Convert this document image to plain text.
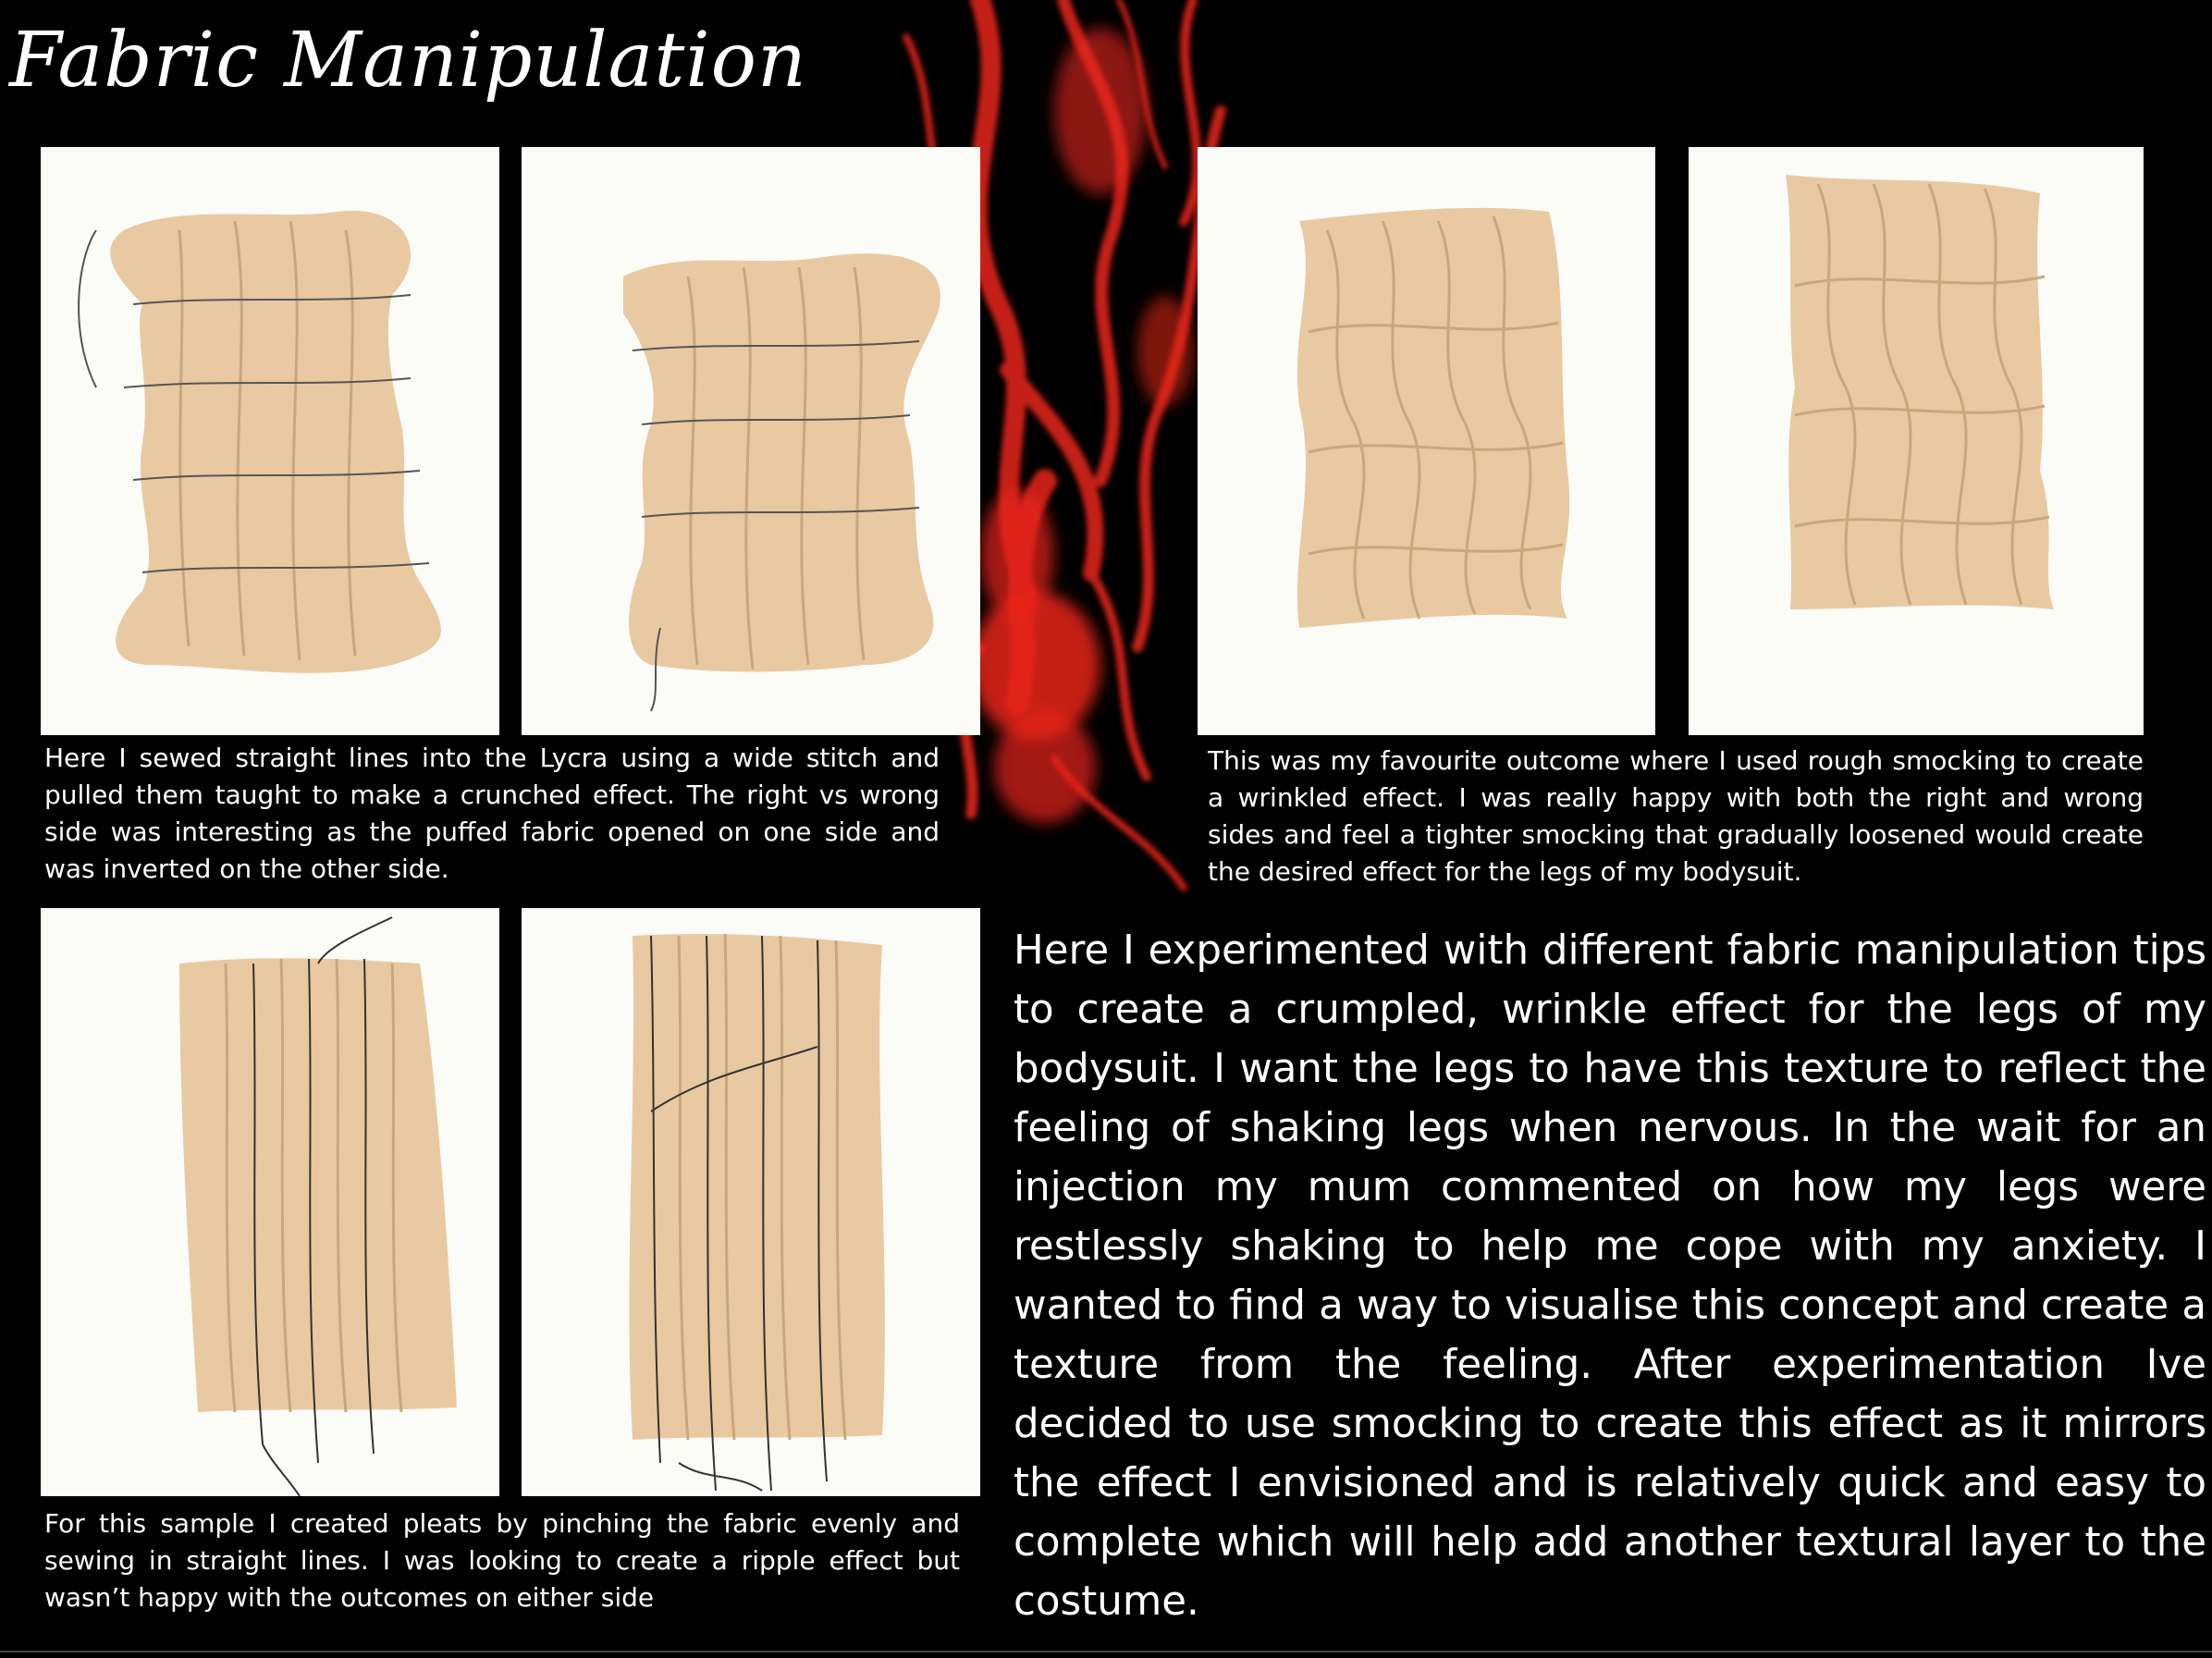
Fabric Manipulation

Here I sewed straight lines into the Lycra using a wide stitch and pulled them taught to make a crunched effect. The right vs wrong side was interesting as the puffed fabric opened on one side and was inverted on the other side.

This was my favourite outcome where I used rough smocking to create a wrinkled effect. I was really happy with both the right and wrong sides and feel a tighter smocking that gradually loosened would create the desired effect for the legs of my bodysuit.

For this sample I created pleats by pinching the fabric evenly and sewing in straight lines. I was looking to create a ripple effect but wasn’t happy with the outcomes on either side

Here I experimented with different fabric manipulation tips to create a crumpled, wrinkle effect for the legs of my bodysuit. I want the legs to have this texture to reflect the feeling of shaking legs when nervous. In the wait for an injection my mum commented on how my legs were restlessly shaking to help me cope with my anxiety. I wanted to find a way to visualise this concept and create a texture from the feeling. After experimentation Ive decided to use smocking to create this effect as it mirrors the effect I envisioned and is relatively quick and easy to complete which will help add another textural layer to the costume.
